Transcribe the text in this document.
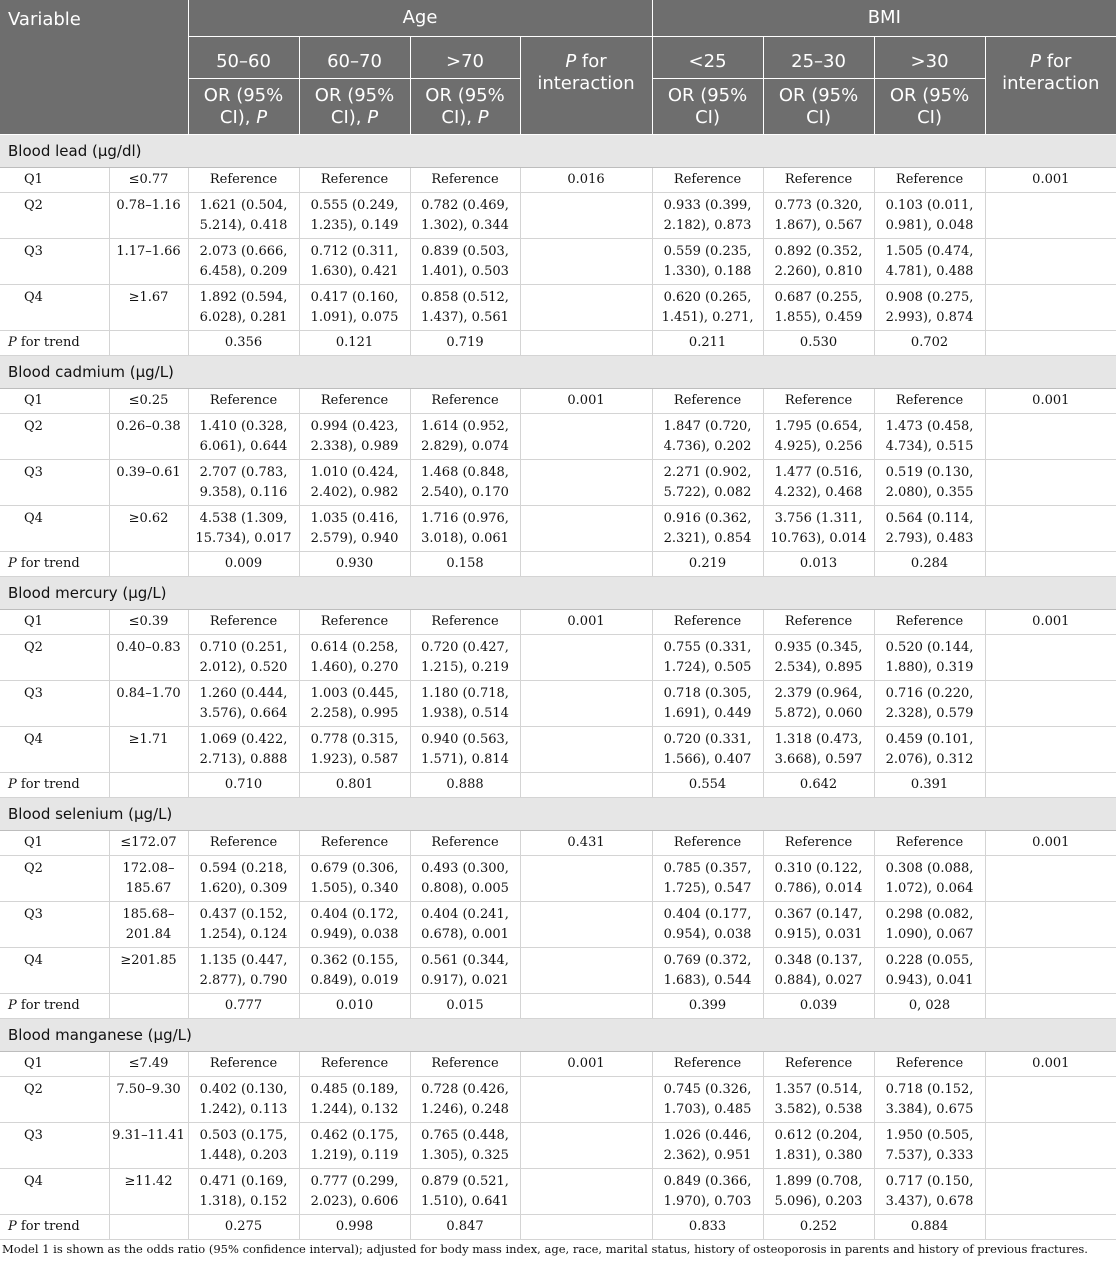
Variable		Age				BMI			
		50–60	60–70	>70	P for interaction	<25	25–30	>30	P for interaction
		OR (95% CI), P	OR (95% CI), P	OR (95% CI), P		OR (95% CI)	OR (95% CI)	OR (95% CI)	
Blood lead (μg/dl)									
Q1	≤0.77	Reference	Reference	Reference	0.016	Reference	Reference	Reference	0.001
Q2	0.78–1.16	1.621 (0.504, 5.214), 0.418	0.555 (0.249, 1.235), 0.149	0.782 (0.469, 1.302), 0.344		0.933 (0.399, 2.182), 0.873	0.773 (0.320, 1.867), 0.567	0.103 (0.011, 0.981), 0.048	
Q3	1.17–1.66	2.073 (0.666, 6.458), 0.209	0.712 (0.311, 1.630), 0.421	0.839 (0.503, 1.401), 0.503		0.559 (0.235, 1.330), 0.188	0.892 (0.352, 2.260), 0.810	1.505 (0.474, 4.781), 0.488	
Q4	≥1.67	1.892 (0.594, 6.028), 0.281	0.417 (0.160, 1.091), 0.075	0.858 (0.512, 1.437), 0.561		0.620 (0.265, 1.451), 0.271,	0.687 (0.255, 1.855), 0.459	0.908 (0.275, 2.993), 0.874	
P for trend		0.356	0.121	0.719		0.211	0.530	0.702	
Blood cadmium (μg/L)									
Q1	≤0.25	Reference	Reference	Reference	0.001	Reference	Reference	Reference	0.001
Q2	0.26–0.38	1.410 (0.328, 6.061), 0.644	0.994 (0.423, 2.338), 0.989	1.614 (0.952, 2.829), 0.074		1.847 (0.720, 4.736), 0.202	1.795 (0.654, 4.925), 0.256	1.473 (0.458, 4.734), 0.515	
Q3	0.39–0.61	2.707 (0.783, 9.358), 0.116	1.010 (0.424, 2.402), 0.982	1.468 (0.848, 2.540), 0.170		2.271 (0.902, 5.722), 0.082	1.477 (0.516, 4.232), 0.468	0.519 (0.130, 2.080), 0.355	
Q4	≥0.62	4.538 (1.309, 15.734), 0.017	1.035 (0.416, 2.579), 0.940	1.716 (0.976, 3.018), 0.061		0.916 (0.362, 2.321), 0.854	3.756 (1.311, 10.763), 0.014	0.564 (0.114, 2.793), 0.483	
P for trend		0.009	0.930	0.158		0.219	0.013	0.284	
Blood mercury (μg/L)									
Q1	≤0.39	Reference	Reference	Reference	0.001	Reference	Reference	Reference	0.001
Q2	0.40–0.83	0.710 (0.251, 2.012), 0.520	0.614 (0.258, 1.460), 0.270	0.720 (0.427, 1.215), 0.219		0.755 (0.331, 1.724), 0.505	0.935 (0.345, 2.534), 0.895	0.520 (0.144, 1.880), 0.319	
Q3	0.84–1.70	1.260 (0.444, 3.576), 0.664	1.003 (0.445, 2.258), 0.995	1.180 (0.718, 1.938), 0.514		0.718 (0.305, 1.691), 0.449	2.379 (0.964, 5.872), 0.060	0.716 (0.220, 2.328), 0.579	
Q4	≥1.71	1.069 (0.422, 2.713), 0.888	0.778 (0.315, 1.923), 0.587	0.940 (0.563, 1.571), 0.814		0.720 (0.331, 1.566), 0.407	1.318 (0.473, 3.668), 0.597	0.459 (0.101, 2.076), 0.312	
P for trend		0.710	0.801	0.888		0.554	0.642	0.391	
Blood selenium (μg/L)									
Q1	≤172.07	Reference	Reference	Reference	0.431	Reference	Reference	Reference	0.001
Q2	172.08–185.67	0.594 (0.218, 1.620), 0.309	0.679 (0.306, 1.505), 0.340	0.493 (0.300, 0.808), 0.005		0.785 (0.357, 1.725), 0.547	0.310 (0.122, 0.786), 0.014	0.308 (0.088, 1.072), 0.064	
Q3	185.68–201.84	0.437 (0.152, 1.254), 0.124	0.404 (0.172, 0.949), 0.038	0.404 (0.241, 0.678), 0.001		0.404 (0.177, 0.954), 0.038	0.367 (0.147, 0.915), 0.031	0.298 (0.082, 1.090), 0.067	
Q4	≥201.85	1.135 (0.447, 2.877), 0.790	0.362 (0.155, 0.849), 0.019	0.561 (0.344, 0.917), 0.021		0.769 (0.372, 1.683), 0.544	0.348 (0.137, 0.884), 0.027	0.228 (0.055, 0.943), 0.041	
P for trend		0.777	0.010	0.015		0.399	0.039	0, 028	
Blood manganese (μg/L)									
Q1	≤7.49	Reference	Reference	Reference	0.001	Reference	Reference	Reference	0.001
Q2	7.50–9.30	0.402 (0.130, 1.242), 0.113	0.485 (0.189, 1.244), 0.132	0.728 (0.426, 1.246), 0.248		0.745 (0.326, 1.703), 0.485	1.357 (0.514, 3.582), 0.538	0.718 (0.152, 3.384), 0.675	
Q3	9.31–11.41	0.503 (0.175, 1.448), 0.203	0.462 (0.175, 1.219), 0.119	0.765 (0.448, 1.305), 0.325		1.026 (0.446, 2.362), 0.951	0.612 (0.204, 1.831), 0.380	1.950 (0.505, 7.537), 0.333	
Q4	≥11.42	0.471 (0.169, 1.318), 0.152	0.777 (0.299, 2.023), 0.606	0.879 (0.521, 1.510), 0.641		0.849 (0.366, 1.970), 0.703	1.899 (0.708, 5.096), 0.203	0.717 (0.150, 3.437), 0.678	
P for trend		0.275	0.998	0.847		0.833	0.252	0.884	
Model 1 is shown as the odds ratio (95% confidence interval); adjusted for body mass index, age, race, marital status, history of osteoporosis in parents and history of previous fractures.
